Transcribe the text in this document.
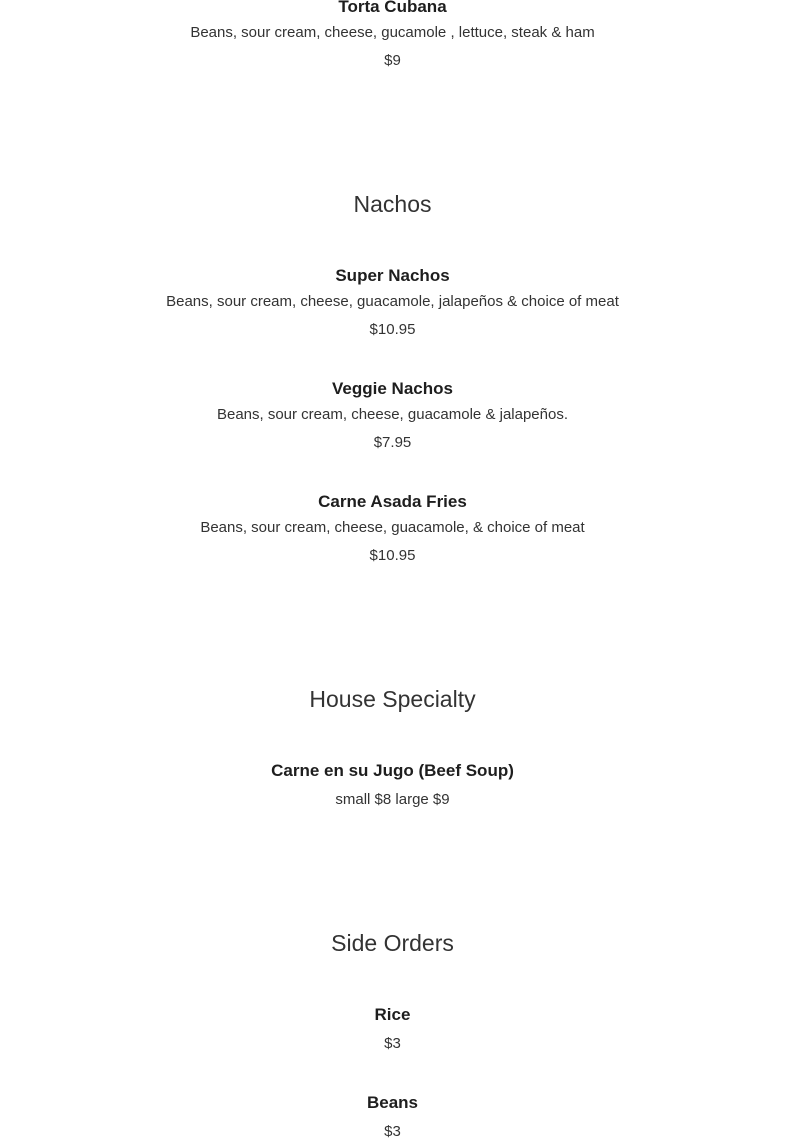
Torta Cubana
Beans, sour cream, cheese, gucamole , lettuce, steak & ham
$9
Nachos
Super Nachos
Beans, sour cream, cheese, guacamole, jalapeños & choice of meat
$10.95
Veggie Nachos
Beans, sour cream, cheese, guacamole & jalapeños.
$7.95
Carne Asada Fries
Beans, sour cream, cheese, guacamole, & choice of meat
$10.95
House Specialty
Carne en su Jugo (Beef Soup)
small $8 large $9
Side Orders
Rice
$3
Beans
$3
